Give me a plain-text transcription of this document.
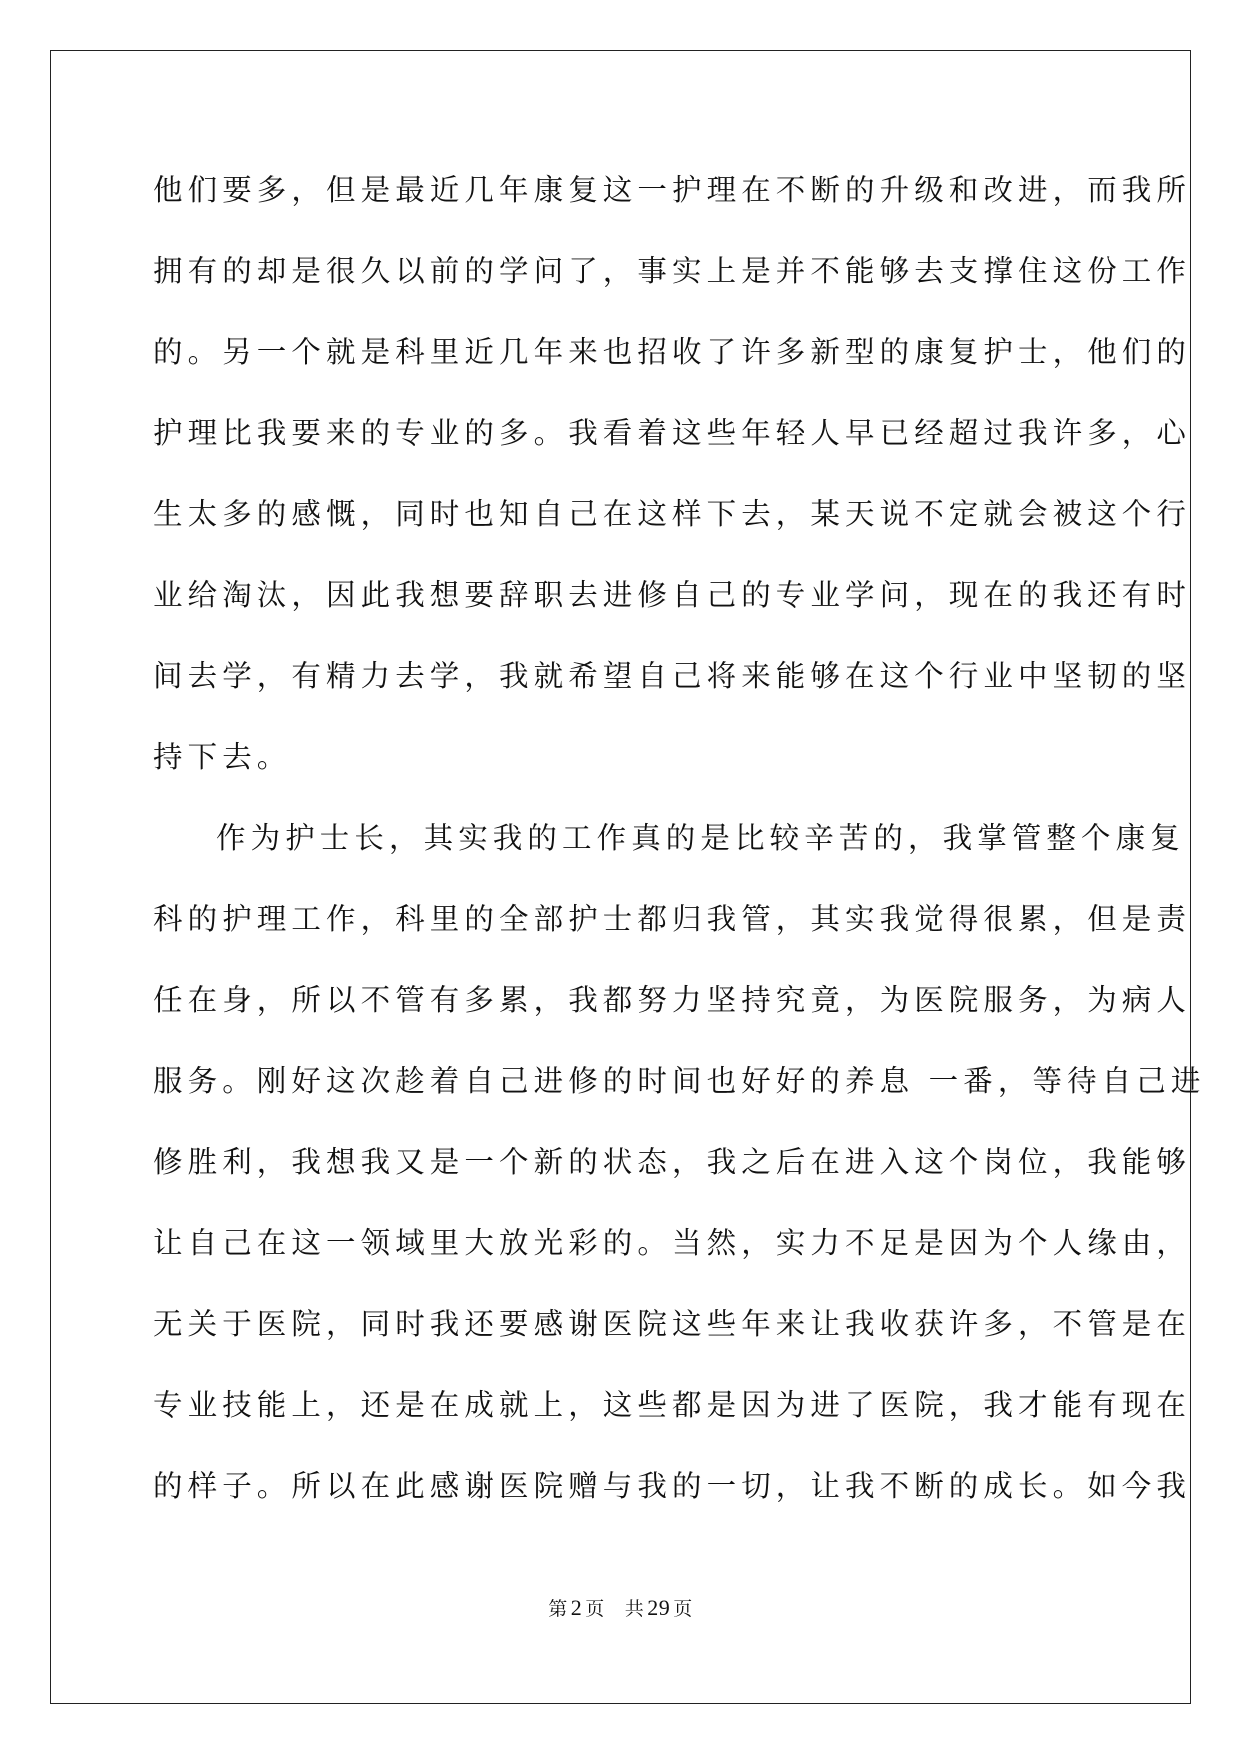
他们要多，但是最近几年康复这一护理在不断的升级和改进，而我所
拥有的却是很久以前的学问了，事实上是并不能够去支撑住这份工作
的。另一个就是科里近几年来也招收了许多新型的康复护士，他们的
护理比我要来的专业的多。我看着这些年轻人早已经超过我许多，心
生太多的感慨，同时也知自己在这样下去，某天说不定就会被这个行
业给淘汰，因此我想要辞职去进修自己的专业学问，现在的我还有时
间去学，有精力去学，我就希望自己将来能够在这个行业中坚韧的坚
持下去。
作为护士长，其实我的工作真的是比较辛苦的，我掌管整个康复
科的护理工作，科里的全部护士都归我管，其实我觉得很累，但是责
任在身，所以不管有多累，我都努力坚持究竟，为医院服务，为病人
服务。刚好这次趁着自己进修的时间也好好的养息 一番，等待自己进
修胜利，我想我又是一个新的状态，我之后在进入这个岗位，我能够
让自己在这一领域里大放光彩的。当然，实力不足是因为个人缘由，
无关于医院，同时我还要感谢医院这些年来让我收获许多，不管是在
专业技能上，还是在成就上，这些都是因为进了医院，我才能有现在
的样子。所以在此感谢医院赠与我的一切，让我不断的成长。如今我
第 2 页 共 29 页
